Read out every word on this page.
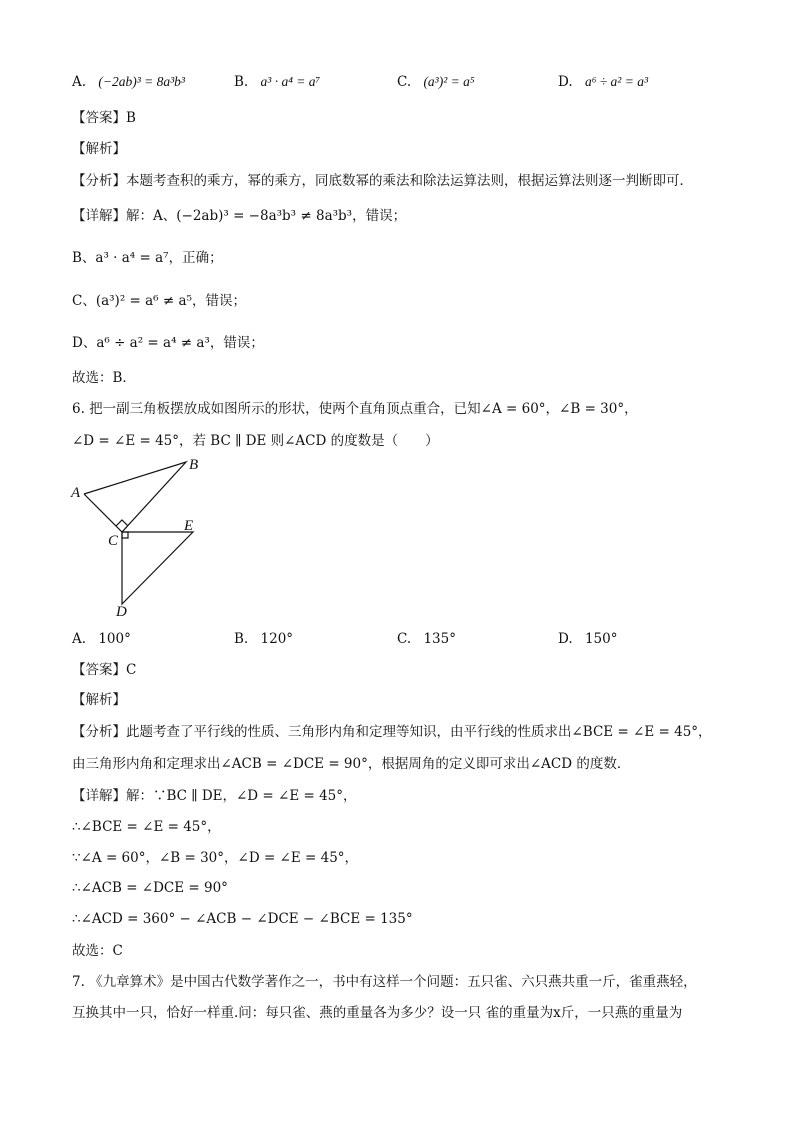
A. (−2ab)³ = 8a³b³	B. a³ · a⁴ = a⁷	C. (a³)² = a⁵	D. a⁶ ÷ a² = a³
【答案】B
【解析】
【分析】本题考查积的乘方，幂的乘方，同底数幂的乘法和除法运算法则，根据运算法则逐一判断即可．
【详解】解：A、(−2ab)³ = −8a³b³ ≠ 8a³b³，错误；
B、a³ · a⁴ = a⁷，正确；
C、(a³)² = a⁶ ≠ a⁵，错误；
D、a⁶ ÷ a² = a⁴ ≠ a³，错误；
故选：B．
6. 把一副三角板摆放成如图所示的形状，使两个直角顶点重合，已知∠A = 60°，∠B = 30°，
∠D = ∠E = 45°，若 BC ∥ DE 则∠ACD 的度数是（　　）
A
B
C
E
D
A. 100°	B. 120°	C. 135°	D. 150°
【答案】C
【解析】
【分析】此题考查了平行线的性质、三角形内角和定理等知识，由平行线的性质求出∠BCE = ∠E = 45°，
由三角形内角和定理求出∠ACB = ∠DCE = 90°，根据周角的定义即可求出∠ACD 的度数．
【详解】解：∵BC ∥ DE，∠D = ∠E = 45°，
∴∠BCE = ∠E = 45°，
∵∠A = 60°，∠B = 30°，∠D = ∠E = 45°，
∴∠ACB = ∠DCE = 90°
∴∠ACD = 360° − ∠ACB − ∠DCE − ∠BCE = 135°
故选：C
7. 《九章算术》是中国古代数学著作之一，书中有这样一个问题：五只雀、六只燕共重一斤，雀重燕轻，
互换其中一只，恰好一样重.问：每只雀、燕的重量各为多少？设一只 雀的重量为x斤，一只燕的重量为
